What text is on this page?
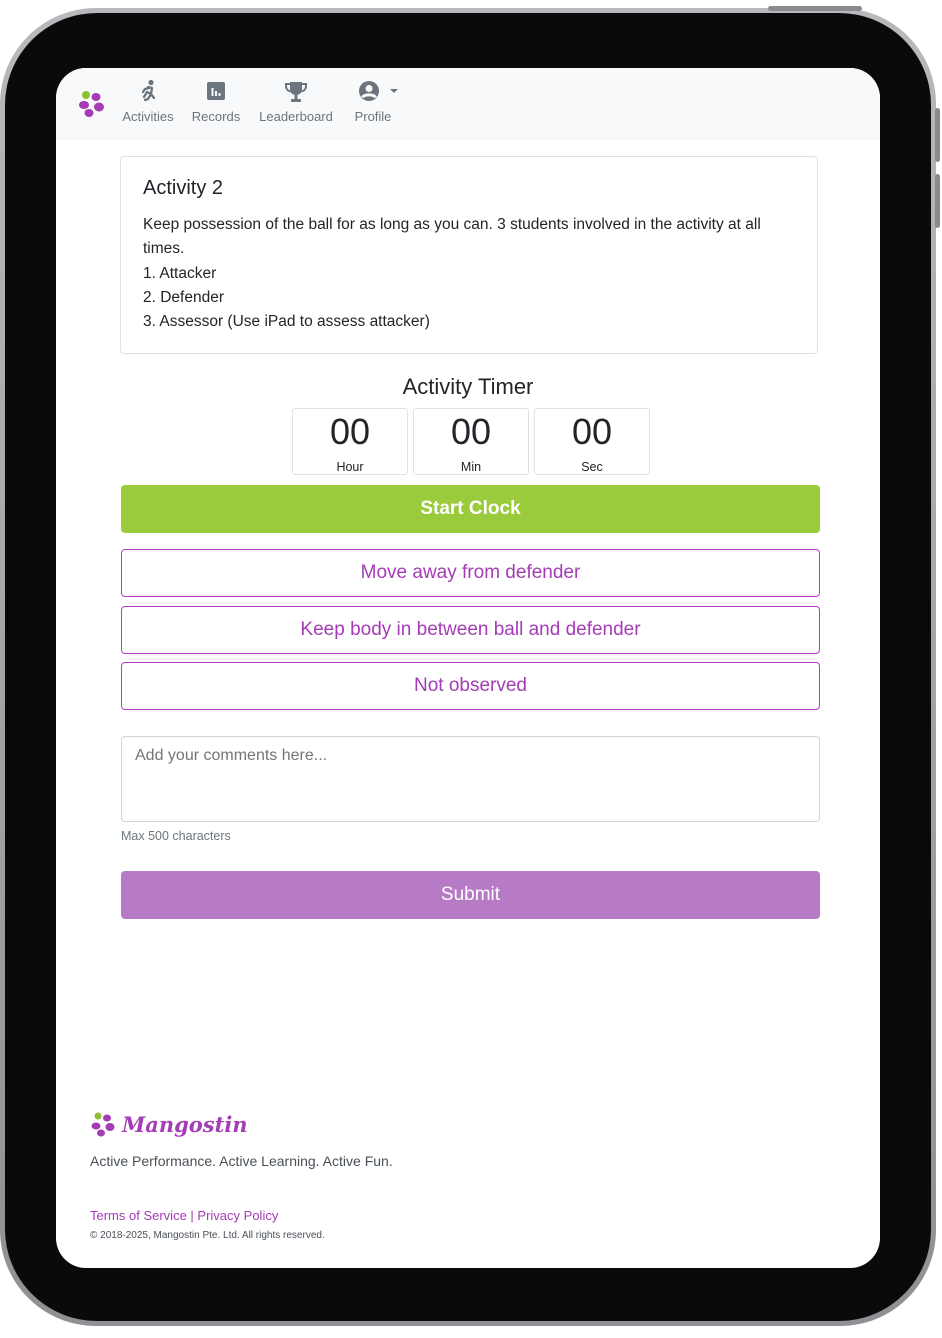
Activities	Records	Leaderboard	Profile
Activity 2

Keep possession of the ball for as long as you can. 3 students involved in the activity at all times.

1. Attacker

2. Defender

3. Assessor (Use iPad to assess attacker)

Activity Timer
00
Hour
00
Min
00
Sec
Start Clock
Move away from defender
Keep body in between ball and defender
Not observed
Add your comments here...
Max 500 characters
Submit
Mangostin
Active Performance. Active Learning. Active Fun.
Terms of Service | Privacy Policy
© 2018-2025, Mangostin Pte. Ltd. All rights reserved.
